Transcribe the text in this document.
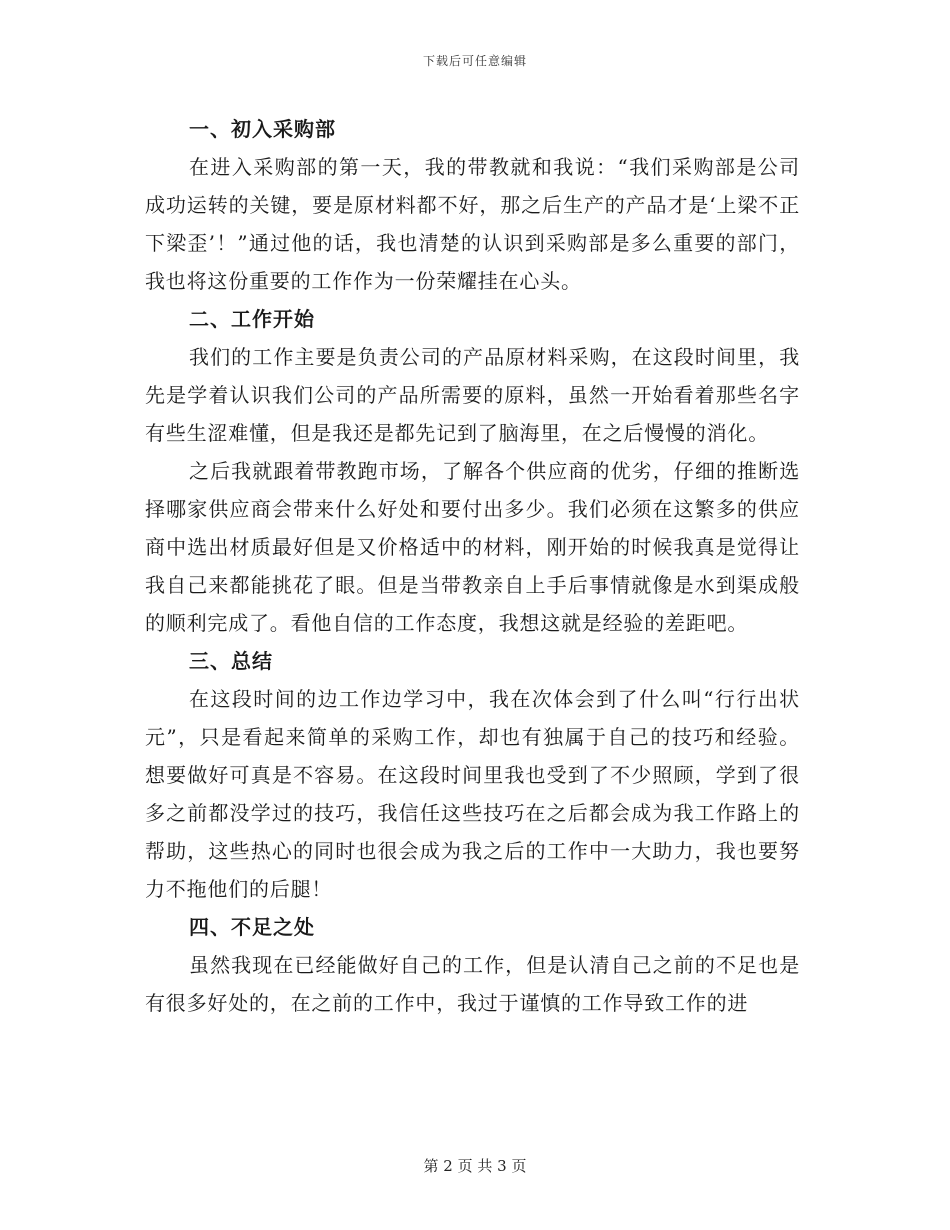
下载后可任意编辑

一、初入采购部

在进入采购部的第一天，我的带教就和我说：“我们采购部是公司成功运转的关键，要是原材料都不好，那之后生产的产品才是‘上梁不正下梁歪’！”通过他的话，我也清楚的认识到采购部是多么重要的部门，我也将这份重要的工作作为一份荣耀挂在心头。

二、工作开始

我们的工作主要是负责公司的产品原材料采购，在这段时间里，我先是学着认识我们公司的产品所需要的原料，虽然一开始看着那些名字有些生涩难懂，但是我还是都先记到了脑海里，在之后慢慢的消化。

之后我就跟着带教跑市场，了解各个供应商的优劣，仔细的推断选择哪家供应商会带来什么好处和要付出多少。我们必须在这繁多的供应商中选出材质最好但是又价格适中的材料，刚开始的时候我真是觉得让我自己来都能挑花了眼。但是当带教亲自上手后事情就像是水到渠成般的顺利完成了。看他自信的工作态度，我想这就是经验的差距吧。

三、总结

在这段时间的边工作边学习中，我在次体会到了什么叫“行行出状元”，只是看起来简单的采购工作，却也有独属于自己的技巧和经验。想要做好可真是不容易。在这段时间里我也受到了不少照顾，学到了很多之前都没学过的技巧，我信任这些技巧在之后都会成为我工作路上的帮助，这些热心的同时也很会成为我之后的工作中一大助力，我也要努力不拖他们的后腿！

四、不足之处

虽然我现在已经能做好自己的工作，但是认清自己之前的不足也是有很多好处的，在之前的工作中，我过于谨慎的工作导致工作的进

第 2 页 共 3 页
